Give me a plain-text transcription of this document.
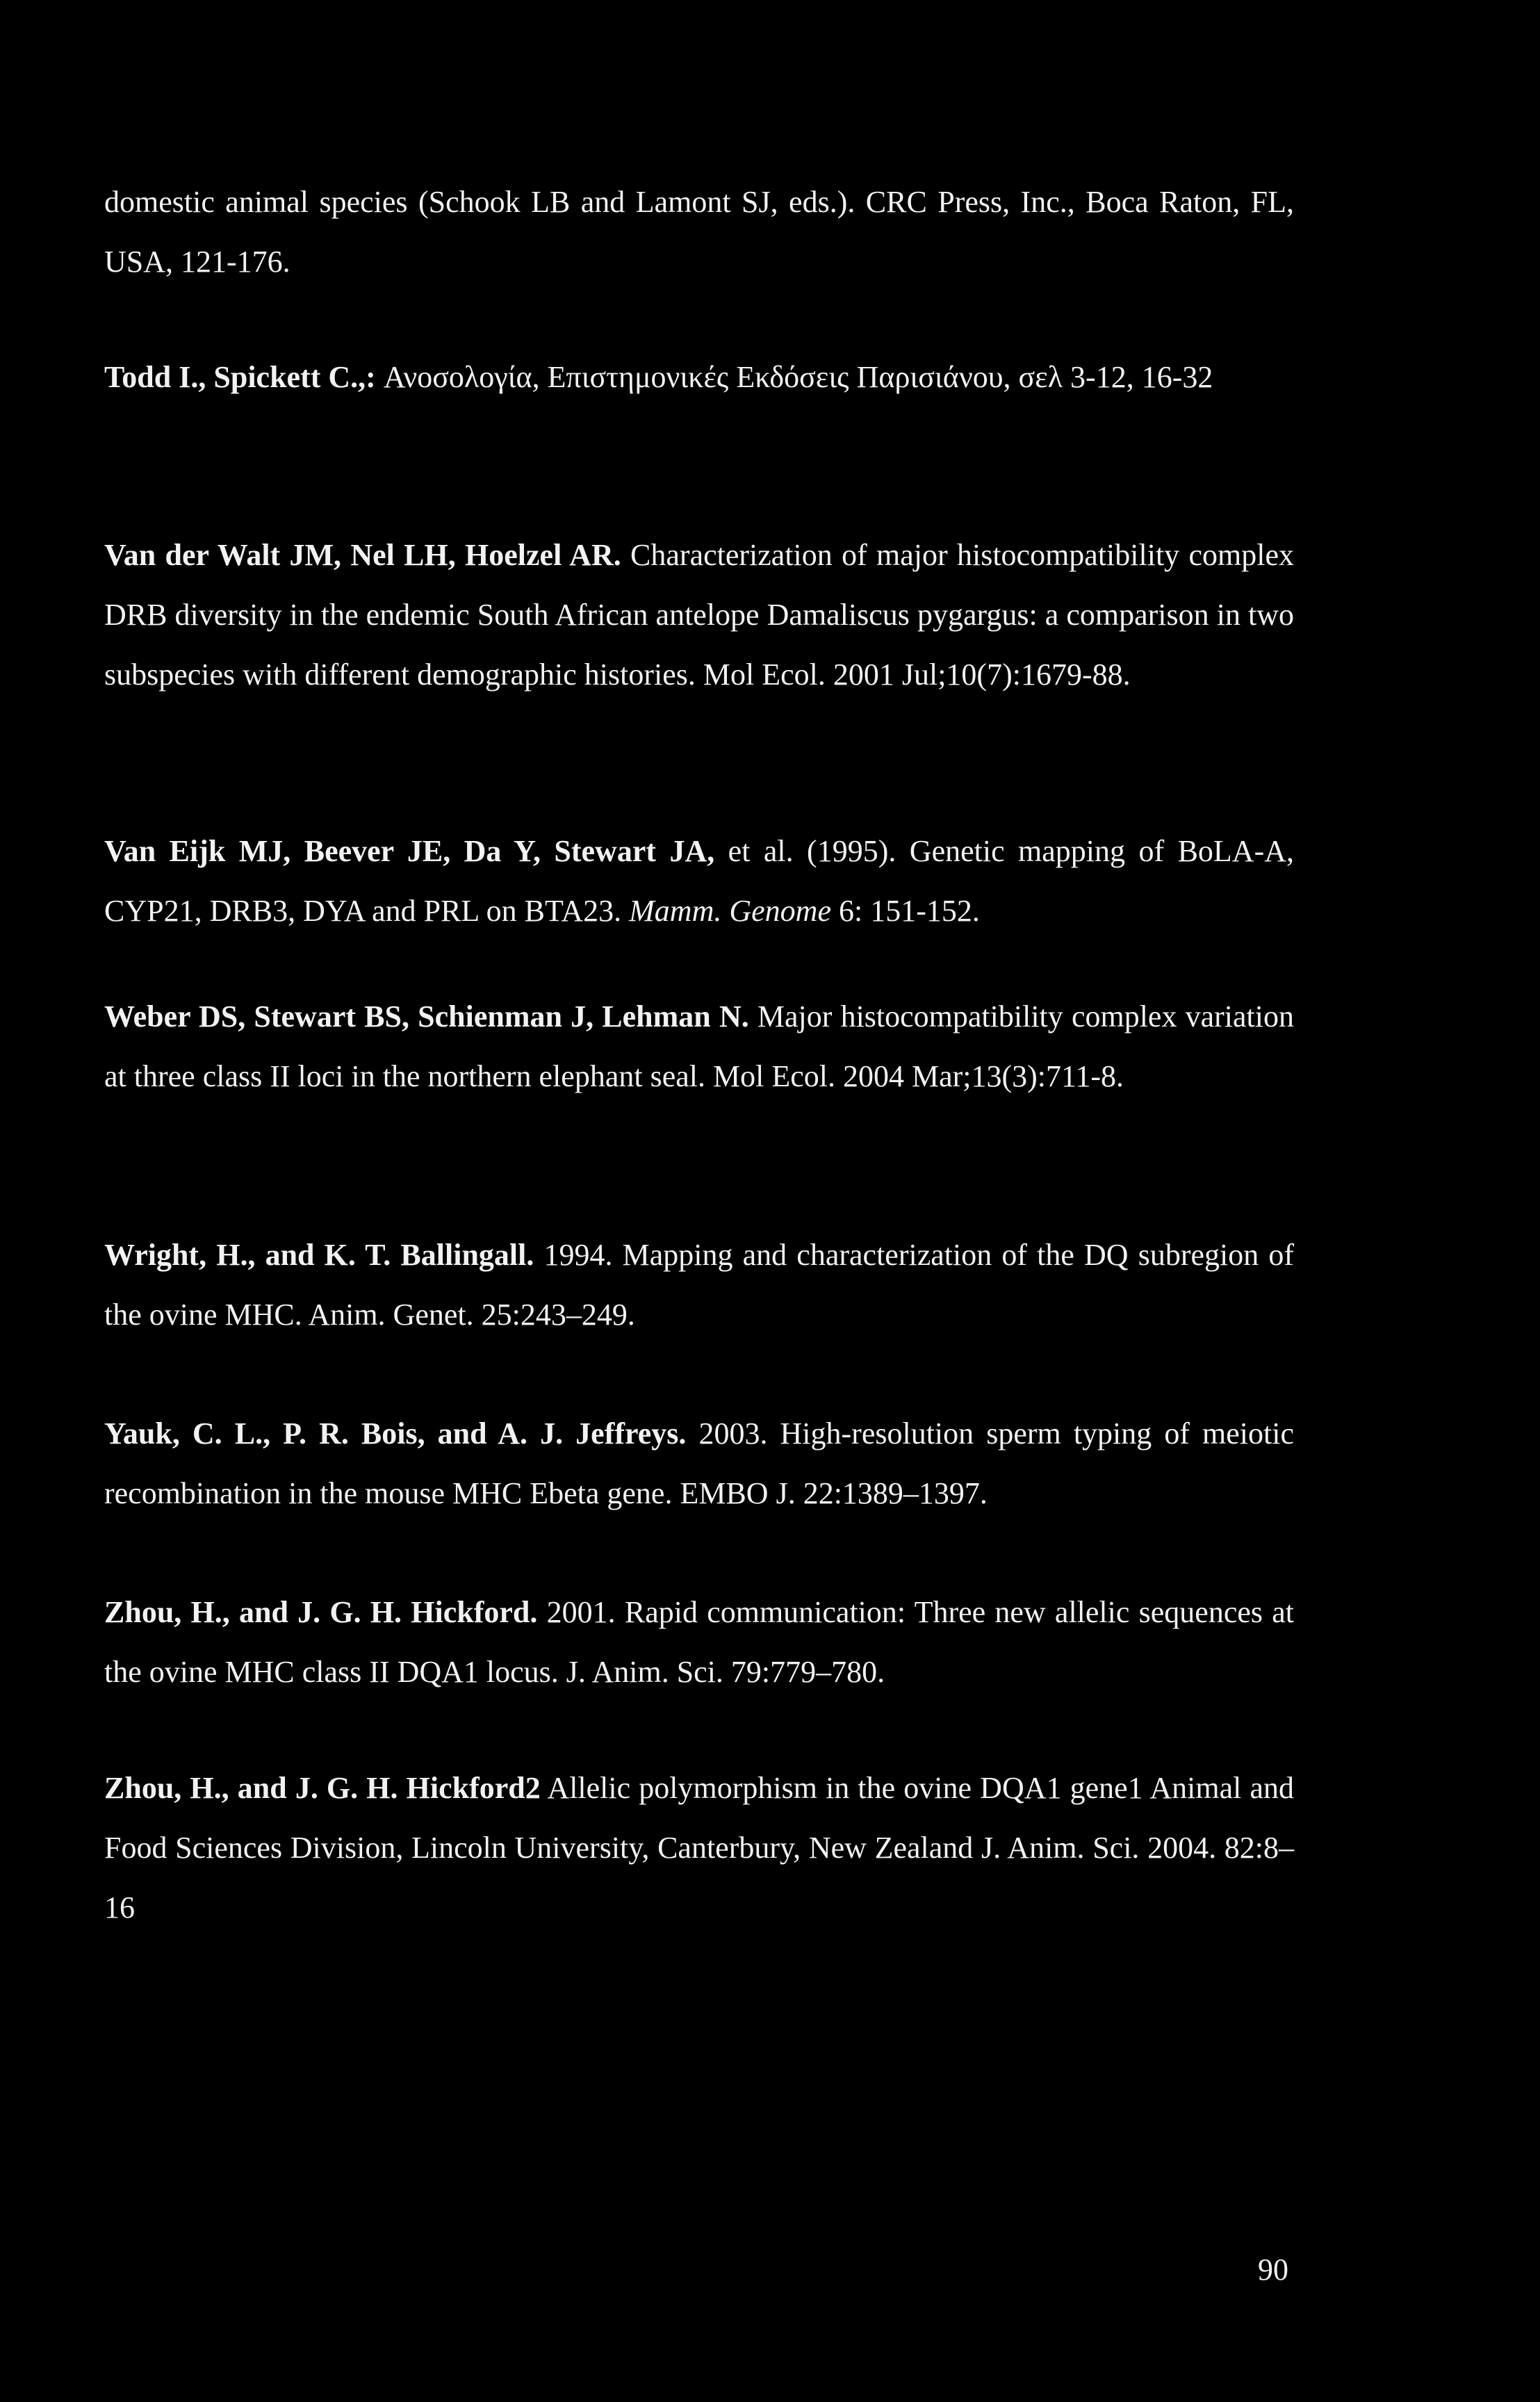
domestic animal species (Schook LB and Lamont SJ, eds.). CRC Press, Inc., Boca Raton, FL, USA, 121-176.

Todd I., Spickett C.,: Ανοσολογία, Επιστημονικές Εκδόσεις Παρισιάνου, σελ 3-12, 16-32

Van der Walt JM, Nel LH, Hoelzel AR. Characterization of major histocompatibility complex DRB diversity in the endemic South African antelope Damaliscus pygargus: a comparison in two subspecies with different demographic histories. Mol Ecol. 2001 Jul;10(7):1679-88.

Van Eijk MJ, Beever JE, Da Y, Stewart JA, et al. (1995). Genetic mapping of BoLA-A, CYP21, DRB3, DYA and PRL on BTA23. Mamm. Genome 6: 151-152.

Weber DS, Stewart BS, Schienman J, Lehman N. Major histocompatibility complex variation at three class II loci in the northern elephant seal. Mol Ecol. 2004 Mar;13(3):711-8.

Wright, H., and K. T. Ballingall. 1994. Mapping and characterization of the DQ subregion of the ovine MHC. Anim. Genet. 25:243–249.

Yauk, C. L., P. R. Bois, and A. J. Jeffreys. 2003. High-resolution sperm typing of meiotic recombination in the mouse MHC Ebeta gene. EMBO J. 22:1389–1397.

Zhou, H., and J. G. H. Hickford. 2001. Rapid communication: Three new allelic sequences at the ovine MHC class II DQA1 locus. J. Anim. Sci. 79:779–780.

Zhou, H., and J. G. H. Hickford2 Allelic polymorphism in the ovine DQA1 gene1 Animal and Food Sciences Division, Lincoln University, Canterbury, New Zealand J. Anim. Sci. 2004. 82:8–16

90
